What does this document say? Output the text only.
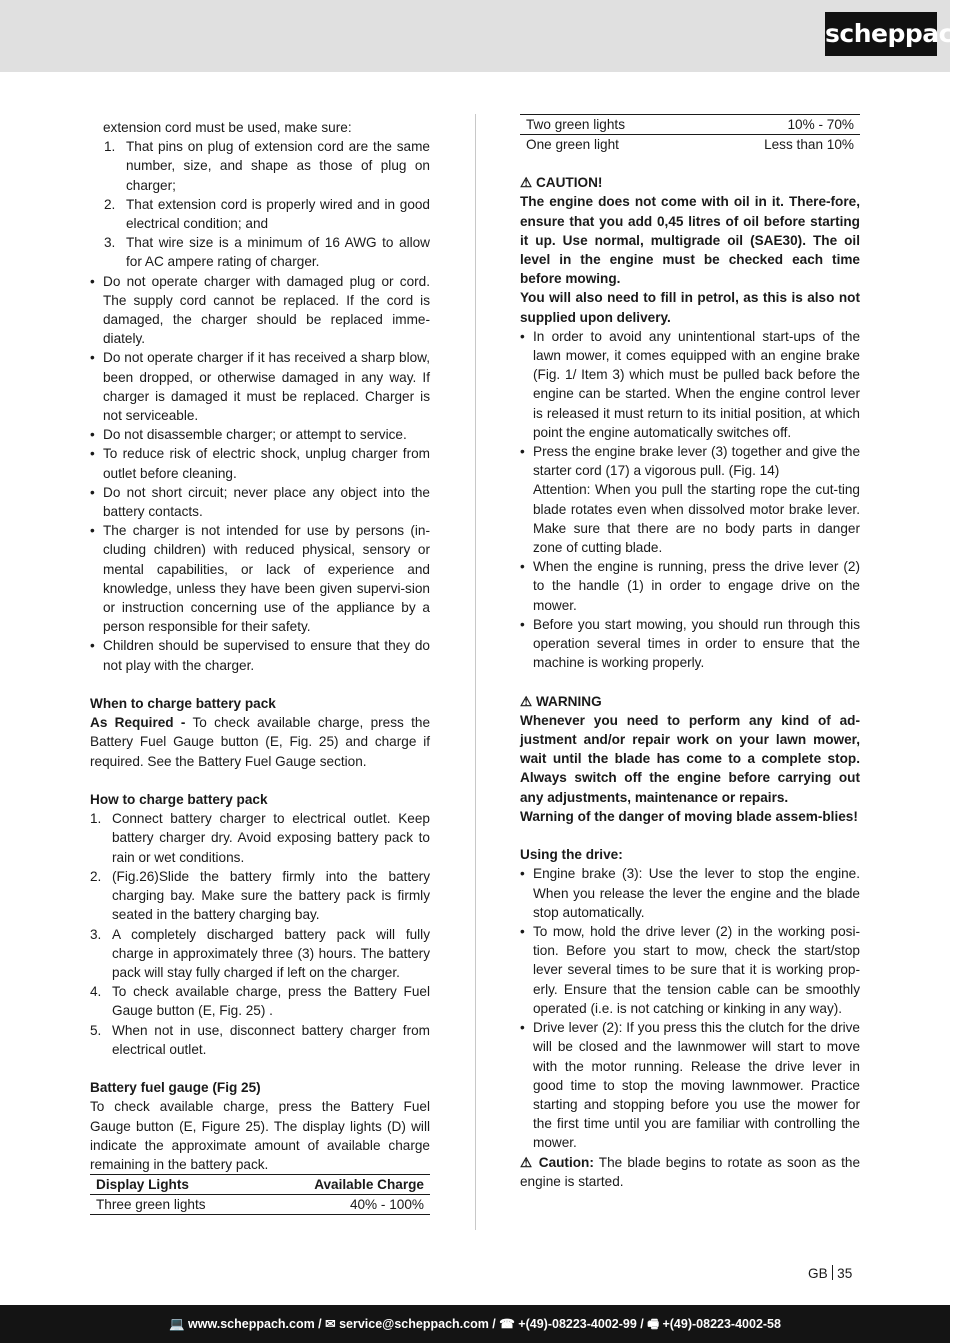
scheppach

extension cord must be used, make sure:

1. That pins on plug of extension cord are the same number, size, and shape as those of plug on charger;
2. That extension cord is properly wired and in good electrical condition; and
3. That wire size is a minimum of 16 AWG to allow for AC ampere rating of charger.
• Do not operate charger with damaged plug or cord. The supply cord cannot be replaced. If the cord is damaged, the charger should be replaced imme-diately.
• Do not operate charger if it has received a sharp blow, been dropped, or otherwise damaged in any way. If charger is damaged it must be replaced. Charger is not serviceable.
• Do not disassemble charger; or attempt to service.
• To reduce risk of electric shock, unplug charger from outlet before cleaning.
• Do not short circuit; never place any object into the battery contacts.
• The charger is not intended for use by persons (in-cluding children) with reduced physical, sensory or mental capabilities, or lack of experience and knowledge, unless they have been given supervi-sion or instruction concerning use of the appliance by a person responsible for their safety.
• Children should be supervised to ensure that they do not play with the charger.

When to charge battery pack

As Required - To check available charge, press the Battery Fuel Gauge button (E, Fig. 25) and charge if required. See the Battery Fuel Gauge section.

How to charge battery pack

1. Connect battery charger to electrical outlet. Keep battery charger dry. Avoid exposing battery pack to rain or wet conditions.
2. (Fig.26)Slide the battery firmly into the battery charging bay. Make sure the battery pack is firmly seated in the battery charging bay.
3. A completely discharged battery pack will fully charge in approximately three (3) hours. The battery pack will stay fully charged if left on the charger.
4. To check available charge, press the Battery Fuel Gauge button (E, Fig. 25) .
5. When not in use, disconnect battery charger from electrical outlet.

Battery fuel gauge (Fig 25)

To check available charge, press the Battery Fuel Gauge button (E, Figure 25). The display lights (D) will indicate the approximate amount of available charge remaining in the battery pack.

Display Lights	Available Charge
Three green lights	40% - 100%
Two green lights	10% - 70%
One green light	Less than 10%

⚠ CAUTION!

The engine does not come with oil in it. There-fore, ensure that you add 0,45 litres of oil before starting it up. Use normal, multigrade oil (SAE30). The oil level in the engine must be checked each time before mowing.

You will also need to fill in petrol, as this is also not supplied upon delivery.

• In order to avoid any unintentional start-ups of the lawn mower, it comes equipped with an engine brake (Fig. 1/ Item 3) which must be pulled back before the engine can be started. When the engine control lever is released it must return to its initial position, at which point the engine automatically switches off.
• Press the engine brake lever (3) together and give the starter cord (17) a vigorous pull. (Fig. 14)

Attention: When you pull the starting rope the cut-ting blade rotates even when dissolved motor brake lever. Make sure that there are no body parts in danger zone of cutting blade.

• When the engine is running, press the drive lever (2) to the handle (1) in order to engage drive on the mower.
• Before you start mowing, you should run through this operation several times in order to ensure that the machine is working properly.

⚠ WARNING

Whenever you need to perform any kind of ad-justment and/or repair work on your lawn mower, wait until the blade has come to a complete stop. Always switch off the engine before carrying out any adjustments, maintenance or repairs.

Warning of the danger of moving blade assem-blies!

Using the drive:

• Engine brake (3): Use the lever to stop the engine. When you release the lever the engine and the blade stop automatically.
• To mow, hold the drive lever (2) in the working posi-tion. Before you start to mow, check the start/stop lever several times to be sure that it is working prop-erly. Ensure that the tension cable can be smoothly operated (i.e. is not catching or kinking in any way).
• Drive lever (2): If you press this the clutch for the drive will be closed and the lawnmower will start to move with the motor running. Release the drive lever in good time to stop the moving lawnmower. Practice starting and stopping before you use the mower for the first time until you are familiar with controlling the mower.

⚠ Caution: The blade begins to rotate as soon as the engine is started.

GB 35
💻 www.scheppach.com / ✉ service@scheppach.com / ☎ +(49)-08223-4002-99 / 🖷 +(49)-08223-4002-58
